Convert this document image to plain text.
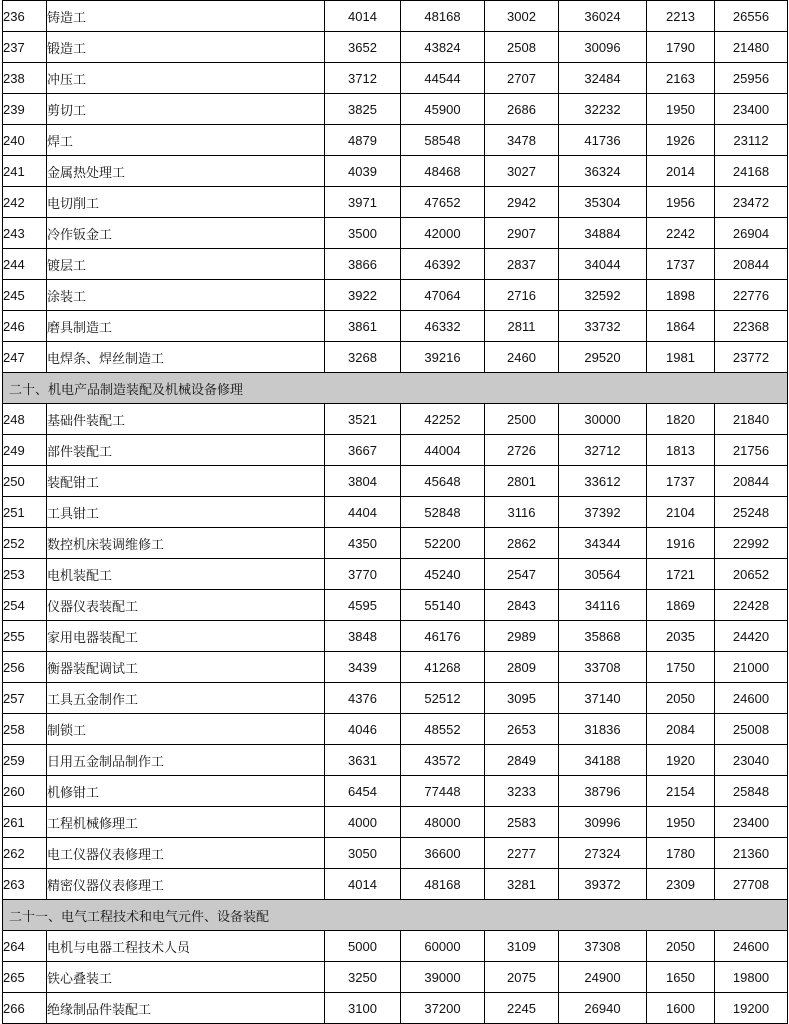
236	铸造工	4014	48168	3002	36024	2213	26556
237	锻造工	3652	43824	2508	30096	1790	21480
238	冲压工	3712	44544	2707	32484	2163	25956
239	剪切工	3825	45900	2686	32232	1950	23400
240	焊工	4879	58548	3478	41736	1926	23112
241	金属热处理工	4039	48468	3027	36324	2014	24168
242	电切削工	3971	47652	2942	35304	1956	23472
243	冷作钣金工	3500	42000	2907	34884	2242	26904
244	镀层工	3866	46392	2837	34044	1737	20844
245	涂装工	3922	47064	2716	32592	1898	22776
246	磨具制造工	3861	46332	2811	33732	1864	22368
247	电焊条、焊丝制造工	3268	39216	2460	29520	1981	23772
二十、机电产品制造装配及机械设备修理							
248	基础件装配工	3521	42252	2500	30000	1820	21840
249	部件装配工	3667	44004	2726	32712	1813	21756
250	装配钳工	3804	45648	2801	33612	1737	20844
251	工具钳工	4404	52848	3116	37392	2104	25248
252	数控机床装调维修工	4350	52200	2862	34344	1916	22992
253	电机装配工	3770	45240	2547	30564	1721	20652
254	仪器仪表装配工	4595	55140	2843	34116	1869	22428
255	家用电器装配工	3848	46176	2989	35868	2035	24420
256	衡器装配调试工	3439	41268	2809	33708	1750	21000
257	工具五金制作工	4376	52512	3095	37140	2050	24600
258	制锁工	4046	48552	2653	31836	2084	25008
259	日用五金制品制作工	3631	43572	2849	34188	1920	23040
260	机修钳工	6454	77448	3233	38796	2154	25848
261	工程机械修理工	4000	48000	2583	30996	1950	23400
262	电工仪器仪表修理工	3050	36600	2277	27324	1780	21360
263	精密仪器仪表修理工	4014	48168	3281	39372	2309	27708
二十一、电气工程技术和电气元件、设备装配							
264	电机与电器工程技术人员	5000	60000	3109	37308	2050	24600
265	铁心叠装工	3250	39000	2075	24900	1650	19800
266	绝缘制品件装配工	3100	37200	2245	26940	1600	19200
